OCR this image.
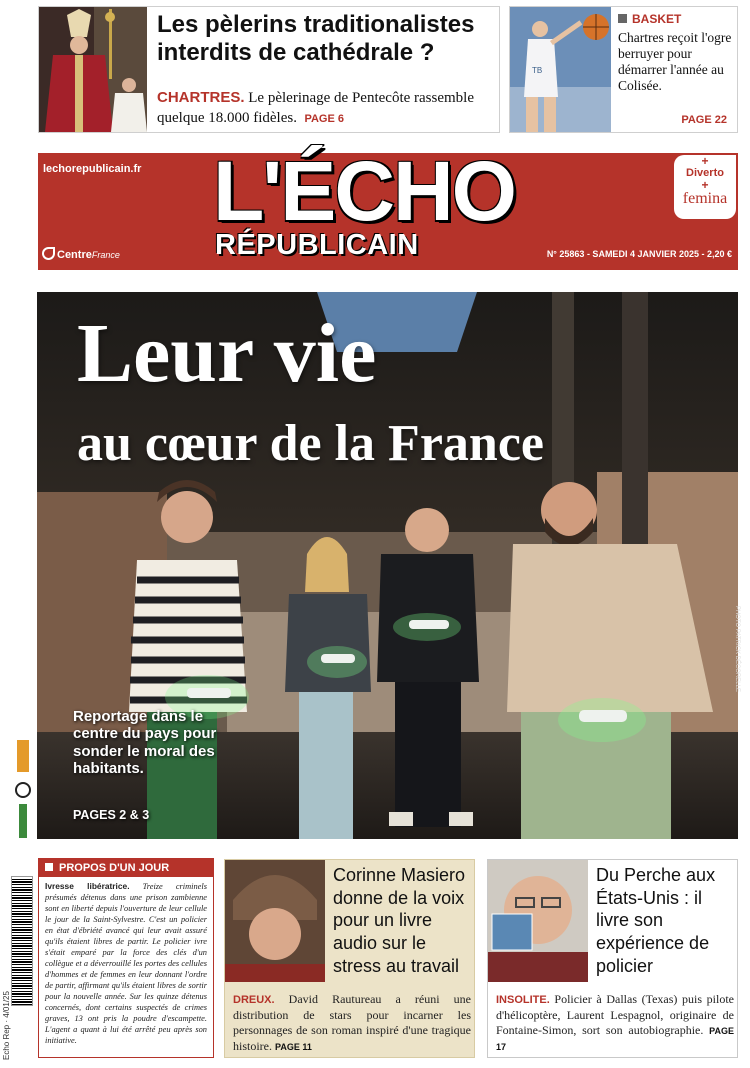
Les pèlerins traditionalistes interdits de cathédrale ?
CHARTRES. Le pèlerinage de Pentecôte rassemble quelque 18.000 fidèles. PAGE 6
TB
BASKET
Chartres reçoit l'ogre berruyer pour démarrer l'année au Colisée.
PAGE 22
lechorepublicain.fr L'ÉCHO
RÉPUBLICAIN
CentreFrance	N° 25863 - SAMEDI 4 JANVIER 2025 - 2,20 €
+
Diverto
+
femina
Leur vie
au cœur de la France
Reportage dans le centre du pays pour sonder le moral des habitants.
PAGES 2 & 3
PHOTO PATRICK DÉCORELLE
Echo Rep · 4/01/25
PROPOS D'UN JOUR
Ivresse libératrice. Treize criminels présumés détenus dans une prison zambienne sont en liberté depuis l'ouverture de leur cellule le jour de la Saint-Sylvestre. C'est un policier en état d'ébriété avancé qui leur avait assuré qu'ils étaient libres de partir. Le policier ivre s'était emparé par la force des clés d'un collègue et a déverrouillé les portes des cellules d'hommes et de femmes en leur donnant l'ordre de partir, affirmant qu'ils étaient libres de sortir pour la nouvelle année. Sur les quinze détenus concernés, dont certains suspectés de crimes graves, 13 ont pris la poudre d'escampette. L'agent a quant à lui été arrêté peu après son initiative.
Corinne Masiero donne de la voix pour un livre audio sur le stress au travail
DREUX. David Rautureau a réuni une distribution de stars pour incarner les personnages de son roman inspiré d'une tragique histoire. PAGE 11
Du Perche aux États-Unis : il livre son expérience de policier
INSOLITE. Policier à Dallas (Texas) puis pilote d'hélicoptère, Laurent Lespagnol, originaire de Fontaine-Simon, sort son autobiographie. PAGE 17
